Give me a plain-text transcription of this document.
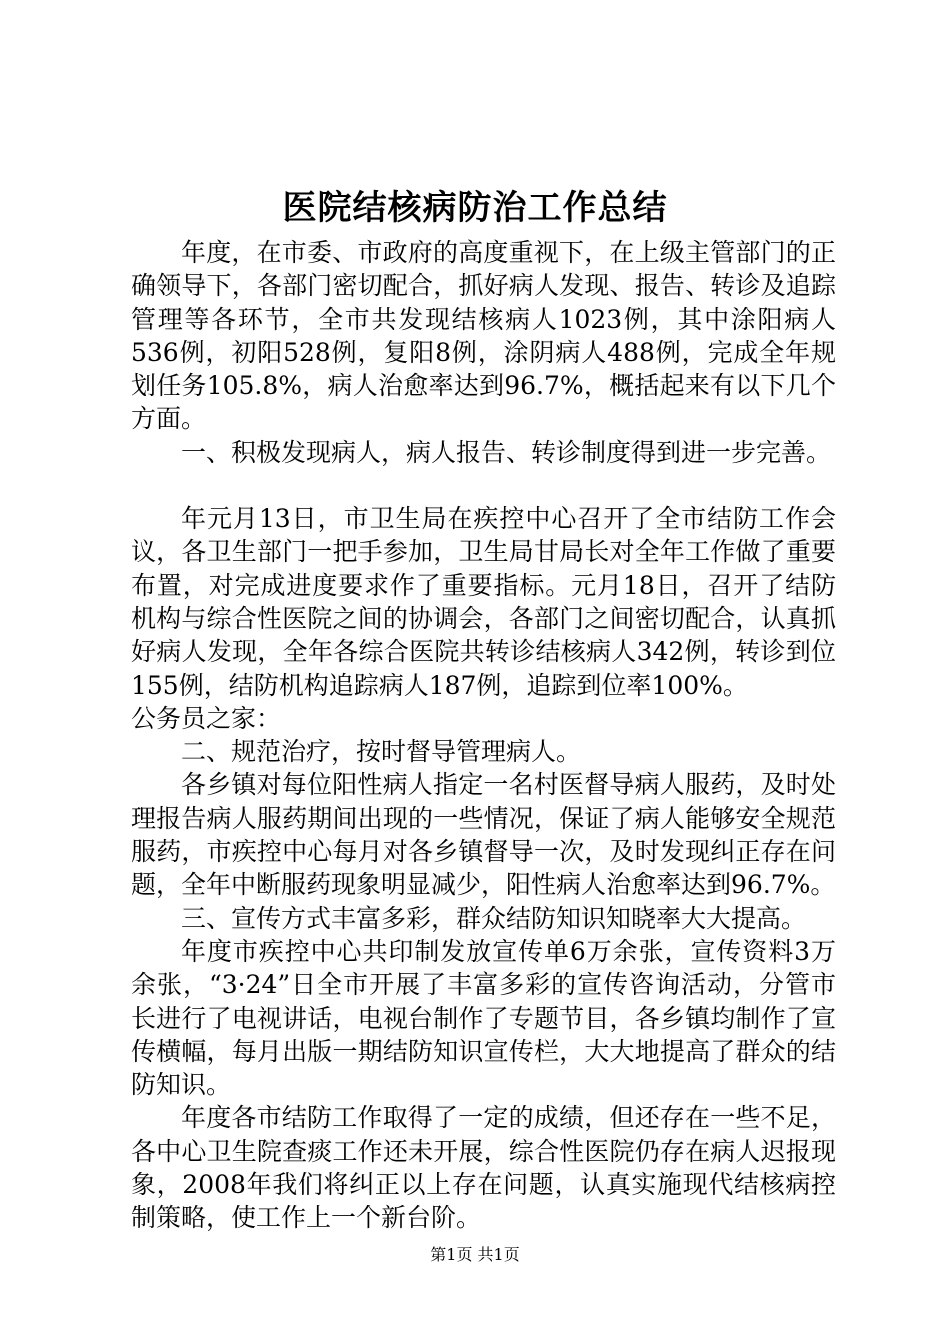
医院结核病防治工作总结

年度，在市委、市政府的高度重视下，在上级主管部门的正确领导下，各部门密切配合，抓好病人发现、报告、转诊及追踪管理等各环节，全市共发现结核病人1023例，其中涂阳病人536例，初阳528例，复阳8例，涂阴病人488例，完成全年规划任务105.8%，病人治愈率达到96.7%，概括起来有以下几个方面。

一、积极发现病人，病人报告、转诊制度得到进一步完善。

年元月13日，市卫生局在疾控中心召开了全市结防工作会议，各卫生部门一把手参加，卫生局甘局长对全年工作做了重要布置，对完成进度要求作了重要指标。元月18日，召开了结防机构与综合性医院之间的协调会，各部门之间密切配合，认真抓好病人发现，全年各综合医院共转诊结核病人342例，转诊到位155例，结防机构追踪病人187例，追踪到位率100%。

公务员之家：

二、规范治疗，按时督导管理病人。

各乡镇对每位阳性病人指定一名村医督导病人服药，及时处理报告病人服药期间出现的一些情况，保证了病人能够安全规范服药，市疾控中心每月对各乡镇督导一次，及时发现纠正存在问题，全年中断服药现象明显减少，阳性病人治愈率达到96.7%。

三、宣传方式丰富多彩，群众结防知识知晓率大大提高。

年度市疾控中心共印制发放宣传单6万余张，宣传资料3万余张，“3·24”日全市开展了丰富多彩的宣传咨询活动，分管市长进行了电视讲话，电视台制作了专题节目，各乡镇均制作了宣传横幅，每月出版一期结防知识宣传栏，大大地提高了群众的结防知识。

年度各市结防工作取得了一定的成绩，但还存在一些不足，各中心卫生院查痰工作还未开展，综合性医院仍存在病人迟报现象，2008年我们将纠正以上存在问题，认真实施现代结核病控制策略，使工作上一个新台阶。

第1页 共1页
